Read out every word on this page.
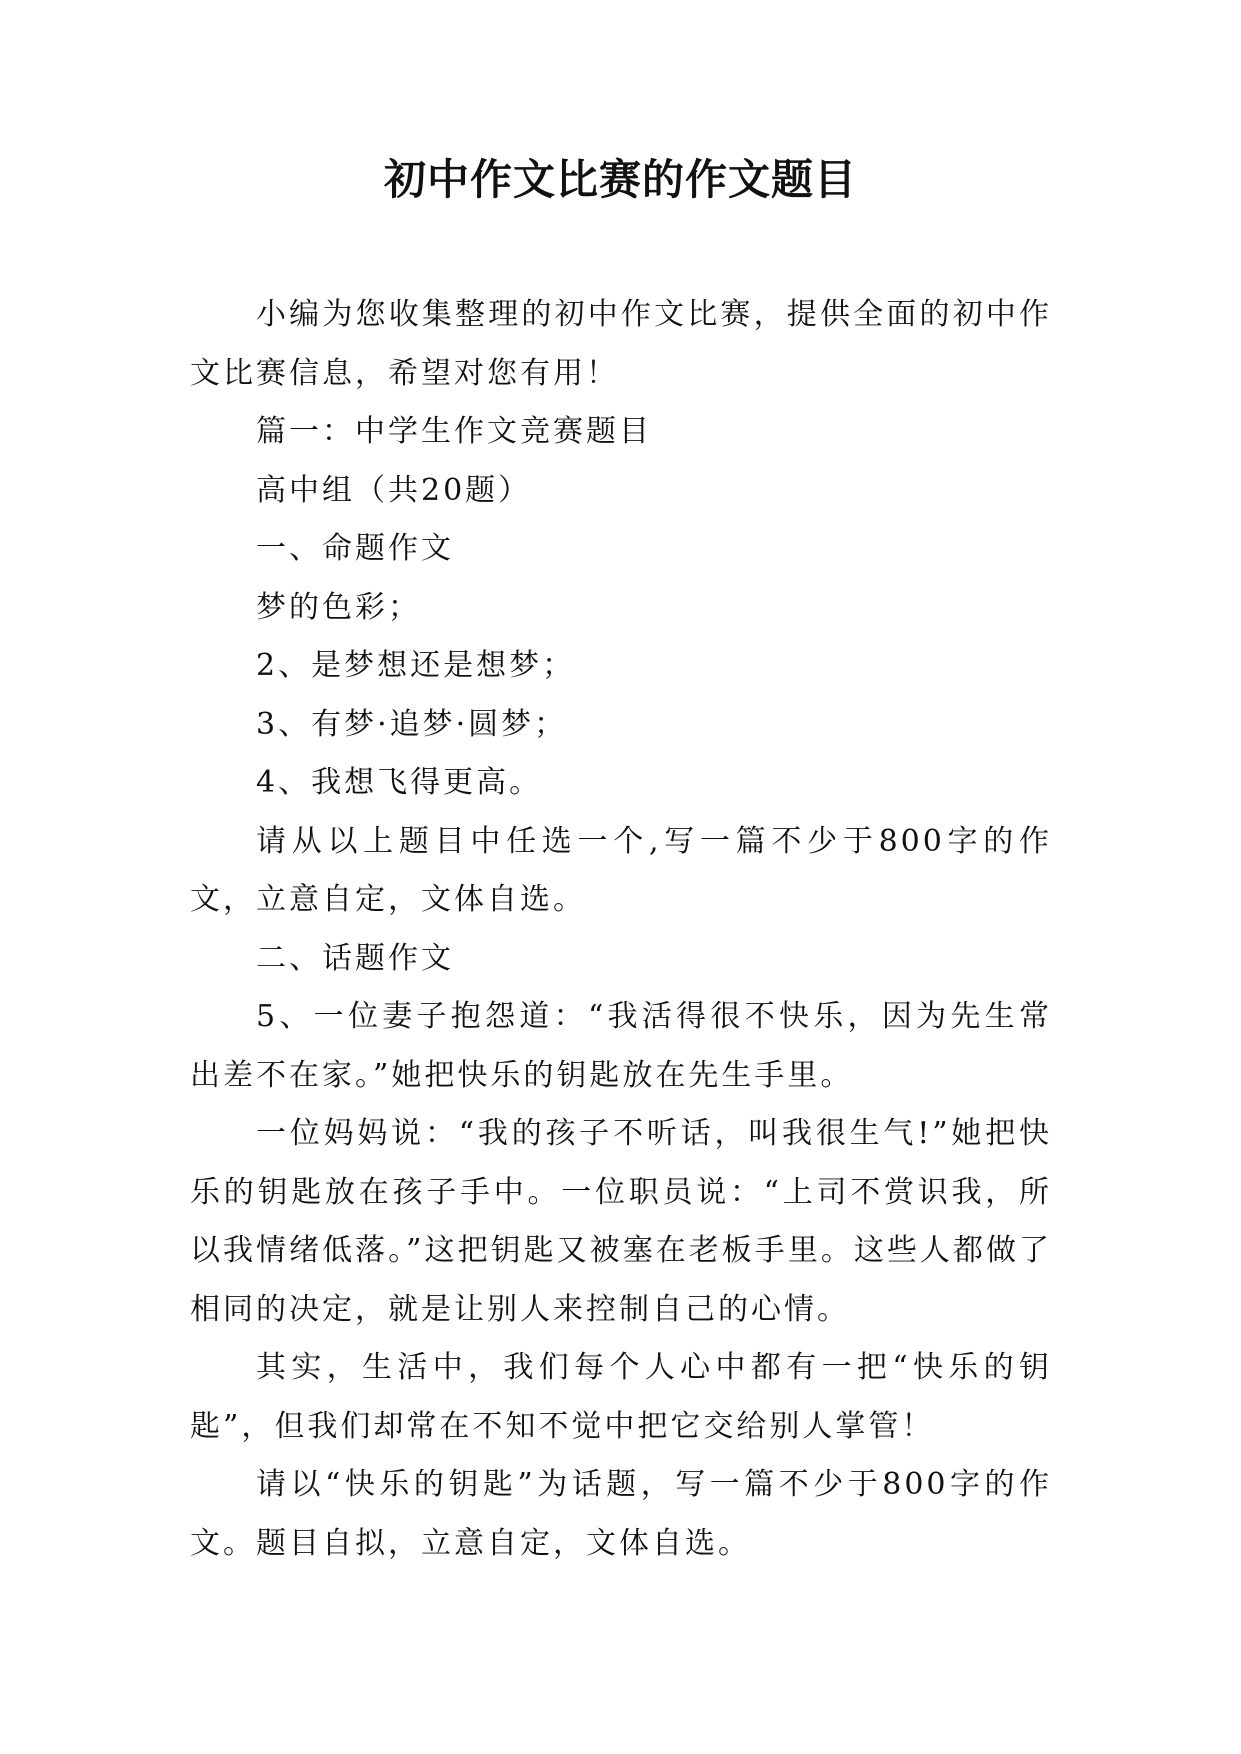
初中作文比赛的作文题目

小编为您收集整理的初中作文比赛，提供全面的初中作文比赛信息，希望对您有用！

篇一：中学生作文竞赛题目

高中组（共20题）

一、命题作文

梦的色彩；

2、是梦想还是想梦；

3、有梦·追梦·圆梦；

4、我想飞得更高。

请从以上题目中任选一个,写一篇不少于800字的作文，立意自定，文体自选。

二、话题作文

5、一位妻子抱怨道：“我活得很不快乐，因为先生常出差不在家。”她把快乐的钥匙放在先生手里。

一位妈妈说：“我的孩子不听话，叫我很生气!”她把快乐的钥匙放在孩子手中。一位职员说：“上司不赏识我，所以我情绪低落。”这把钥匙又被塞在老板手里。这些人都做了相同的决定，就是让别人来控制自己的心情。

其实，生活中，我们每个人心中都有一把“快乐的钥匙”，但我们却常在不知不觉中把它交给别人掌管！

请以“快乐的钥匙”为话题，写一篇不少于800字的作文。题目自拟，立意自定，文体自选。
